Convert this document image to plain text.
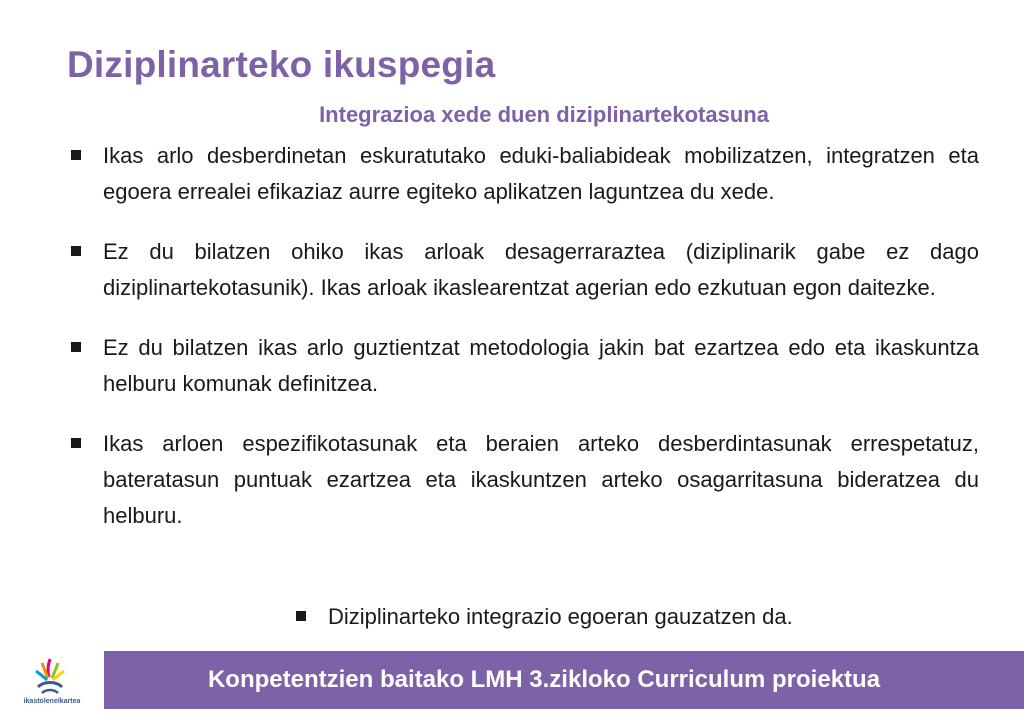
Diziplinarteko ikuspegia
Integrazioa xede duen diziplinartekotasuna
Ikas arlo desberdinetan eskuratutako eduki-baliabideak mobilizatzen, integratzen eta egoera errealei efikaziaz aurre egiteko aplikatzen laguntzea du xede.
Ez du bilatzen ohiko ikas arloak desagerraraztea (diziplinarik gabe ez dago diziplinartekotasunik). Ikas arloak ikaslearentzat agerian edo ezkutuan egon daitezke.
Ez du bilatzen ikas arlo guztientzat metodologia jakin bat ezartzea edo eta ikaskuntza helburu komunak definitzea.
Ikas arloen espezifikotasunak eta beraien arteko desberdintasunak errespetatuz, bateratasun puntuak ezartzea eta ikaskuntzen arteko osagarritasuna bideratzea du helburu.
Diziplinarteko integrazio egoeran gauzatzen da.
ikastolenelkartea
Konpetentzien baitako LMH 3.zikloko Curriculum proiektua
